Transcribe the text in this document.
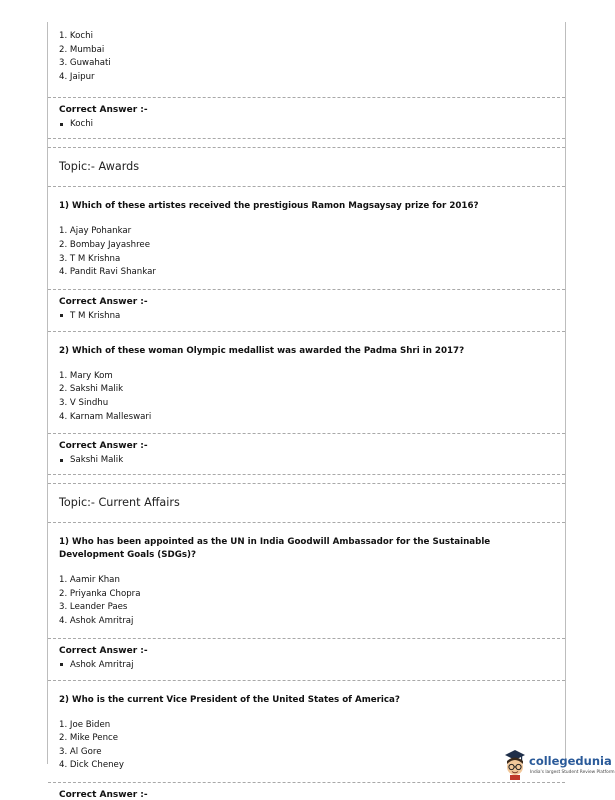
1. Kochi
2. Mumbai
3. Guwahati
4. Jaipur
Correct Answer :-
Kochi
Topic:- Awards
1) Which of these artistes received the prestigious Ramon Magsaysay prize for 2016?
1. Ajay Pohankar
2. Bombay Jayashree
3. T M Krishna
4. Pandit Ravi Shankar
Correct Answer :-
T M Krishna
2) Which of these woman Olympic medallist was awarded the Padma Shri in 2017?
1. Mary Kom
2. Sakshi Malik
3. V Sindhu
4. Karnam Malleswari
Correct Answer :-
Sakshi Malik
Topic:- Current Affairs
1) Who has been appointed as the UN in India Goodwill Ambassador for the Sustainable Development Goals (SDGs)?
1. Aamir Khan
2. Priyanka Chopra
3. Leander Paes
4. Ashok Amritraj
Correct Answer :-
Ashok Amritraj
2) Who is the current Vice President of the United States of America?
1. Joe Biden
2. Mike Pence
3. Al Gore
4. Dick Cheney
Correct Answer :-
collegedunia
India's largest Student Review Platform
